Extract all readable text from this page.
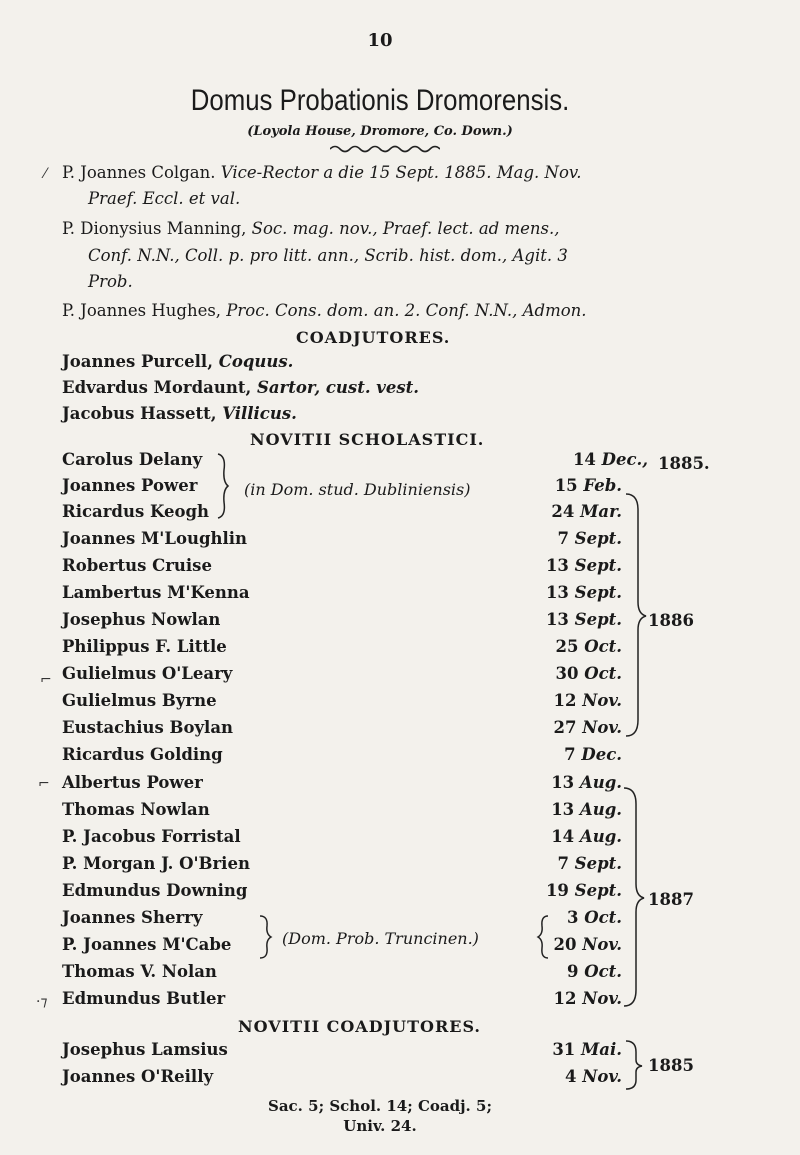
10
Domus Probationis Dromorensis.
(Loyola House, Dromore, Co. Down.)
P. Joannes Colgan. Vice-Rector a die 15 Sept. 1885. Mag. Nov.
Praef. Eccl. et val.
P. Dionysius Manning, Soc. mag. nov., Praef. lect. ad mens.,
Conf. N.N., Coll. p. pro litt. ann., Scrib. hist. dom., Agit. 3
Prob.
P. Joannes Hughes, Proc. Cons. dom. an. 2. Conf. N.N., Admon.
COADJUTORES.
Joannes Purcell, Coquus.
Edvardus Mordaunt, Sartor, cust. vest.
Jacobus Hassett, Villicus.
NOVITII SCHOLASTICI.
Carolus Delany	14 Dec.,
Joannes Power	15 Feb.
Ricardus Keogh	24 Mar.
Joannes M'Loughlin	7 Sept.
Robertus Cruise	13 Sept.
Lambertus M'Kenna	13 Sept.
Josephus Nowlan	13 Sept.
Philippus F. Little	25 Oct.
Gulielmus O'Leary	30 Oct.
Gulielmus Byrne	12 Nov.
Eustachius Boylan	27 Nov.
Ricardus Golding	7 Dec.
Albertus Power	13 Aug.
Thomas Nowlan	13 Aug.
P. Jacobus Forristal	14 Aug.
P. Morgan J. O'Brien	7 Sept.
Edmundus Downing	19 Sept.
Joannes Sherry	3 Oct.
P. Joannes M'Cabe	20 Nov.
Thomas V. Nolan	9 Oct.
Edmundus Butler	12 Nov.
1885.
(in Dom. stud. Dubliniensis)
(Dom. Prob. Truncinen.)
1886
1887
NOVITII COADJUTORES.
Josephus Lamsius	31 Mai.
Joannes O'Reilly	4 Nov.
1885
Sac. 5; Schol. 14; Coadj. 5;
Univ. 24.
⁄
⌐
⌐
·⁊
